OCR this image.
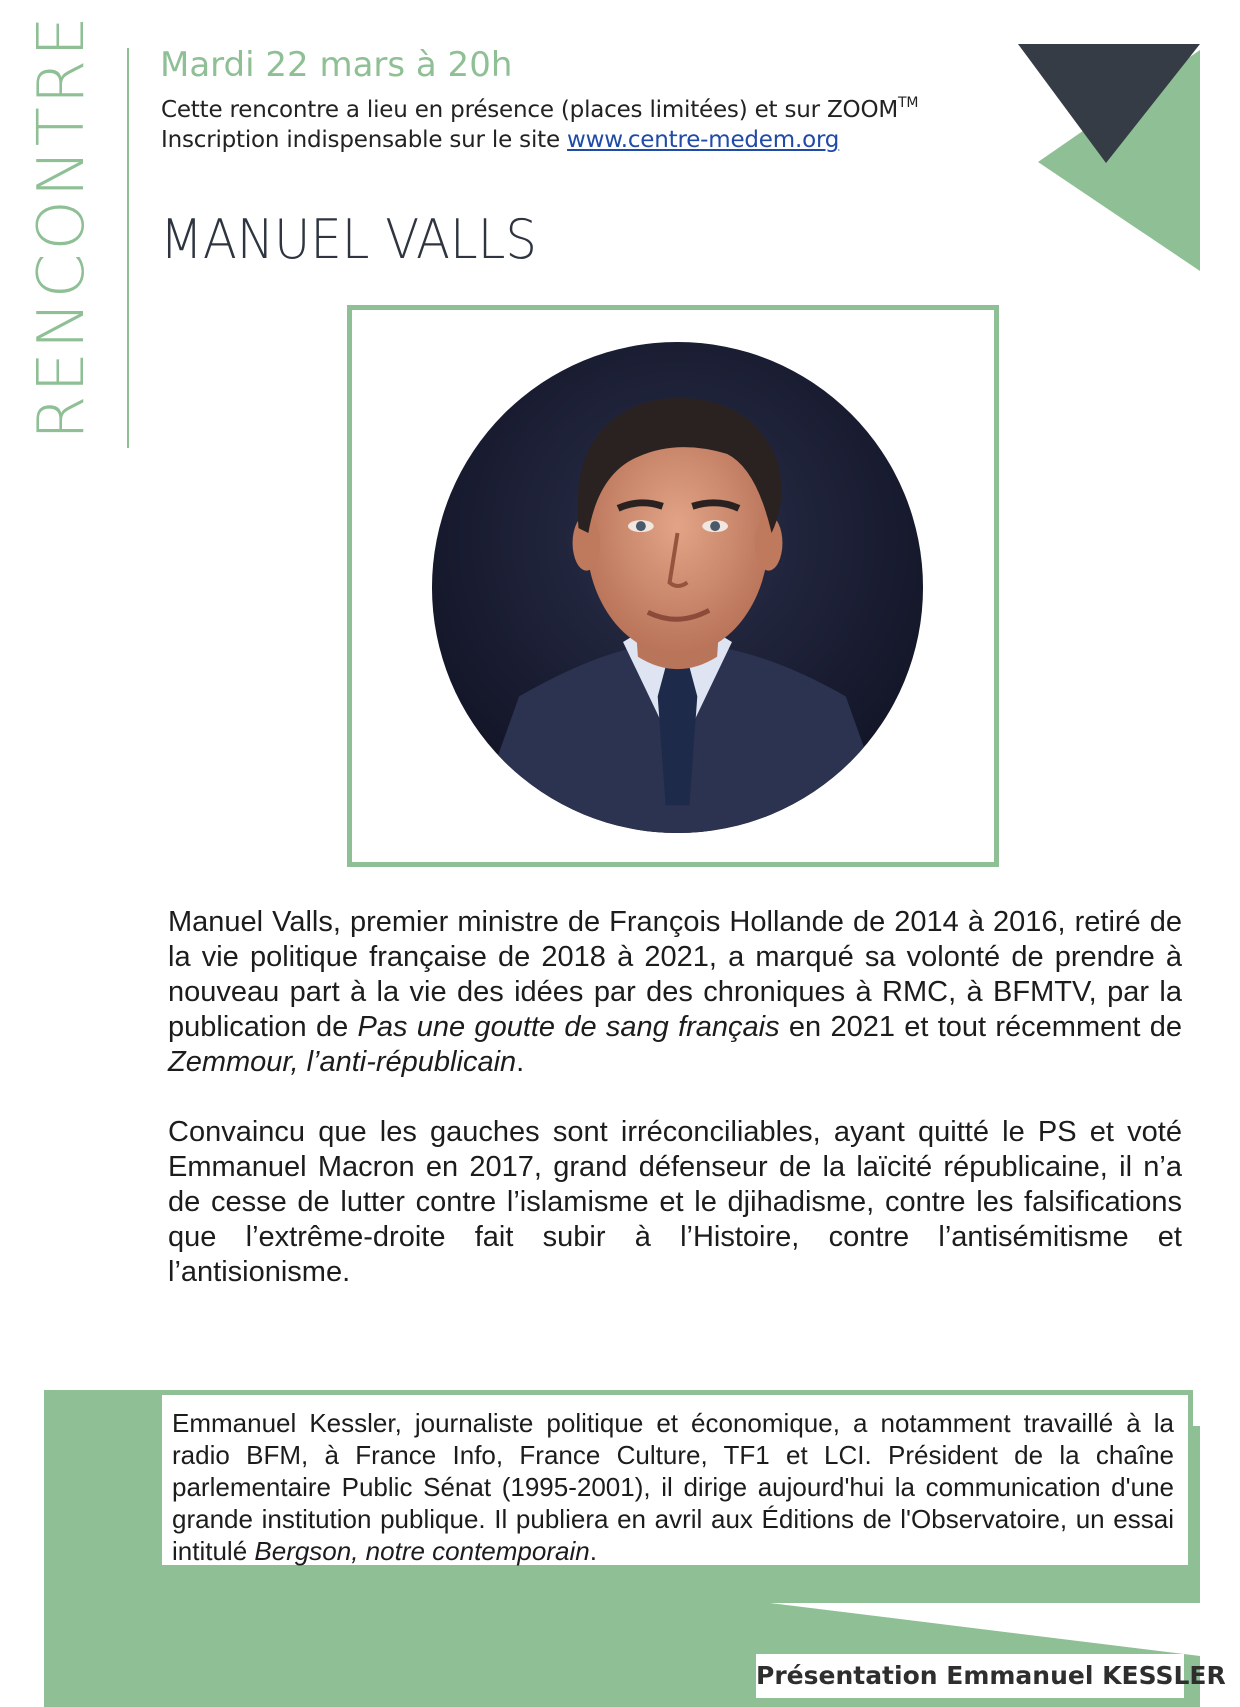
RENCONTRE Mardi 22 mars à 20h
Cette rencontre a lieu en présence (places limitées) et sur ZOOM™
Inscription indispensable sur le site www.centre-medem.org
MANUEL VALLS
Manuel Valls, premier ministre de François Hollande de 2014 à 2016, retiré de la vie politique française de 2018 à 2021, a marqué sa volonté de prendre à nouveau part à la vie des idées par des chroniques à RMC, à BFMTV, par la publication de Pas une goutte de sang français en 2021 et tout récemment de Zemmour, l’anti-républicain.
Convaincu que les gauches sont irréconciliables, ayant quitté le PS et voté Emmanuel Macron en 2017, grand défenseur de la laïcité républicaine, il n’a de cesse de lutter contre l’islamisme et le djihadisme, contre les falsifications que l’extrême-droite fait subir à l’Histoire, contre l’antisémitisme et l’antisionisme.
Emmanuel Kessler, journaliste politique et économique, a notamment travaillé à la radio BFM, à France Info, France Culture, TF1 et LCI. Président de la chaîne parlementaire Public Sénat (1995-2001), il dirige aujourd'hui la communication d'une grande institution publique. Il publiera en avril aux Éditions de l'Observatoire, un essai intitulé Bergson, notre contemporain.
Présentation Emmanuel KESSLER
